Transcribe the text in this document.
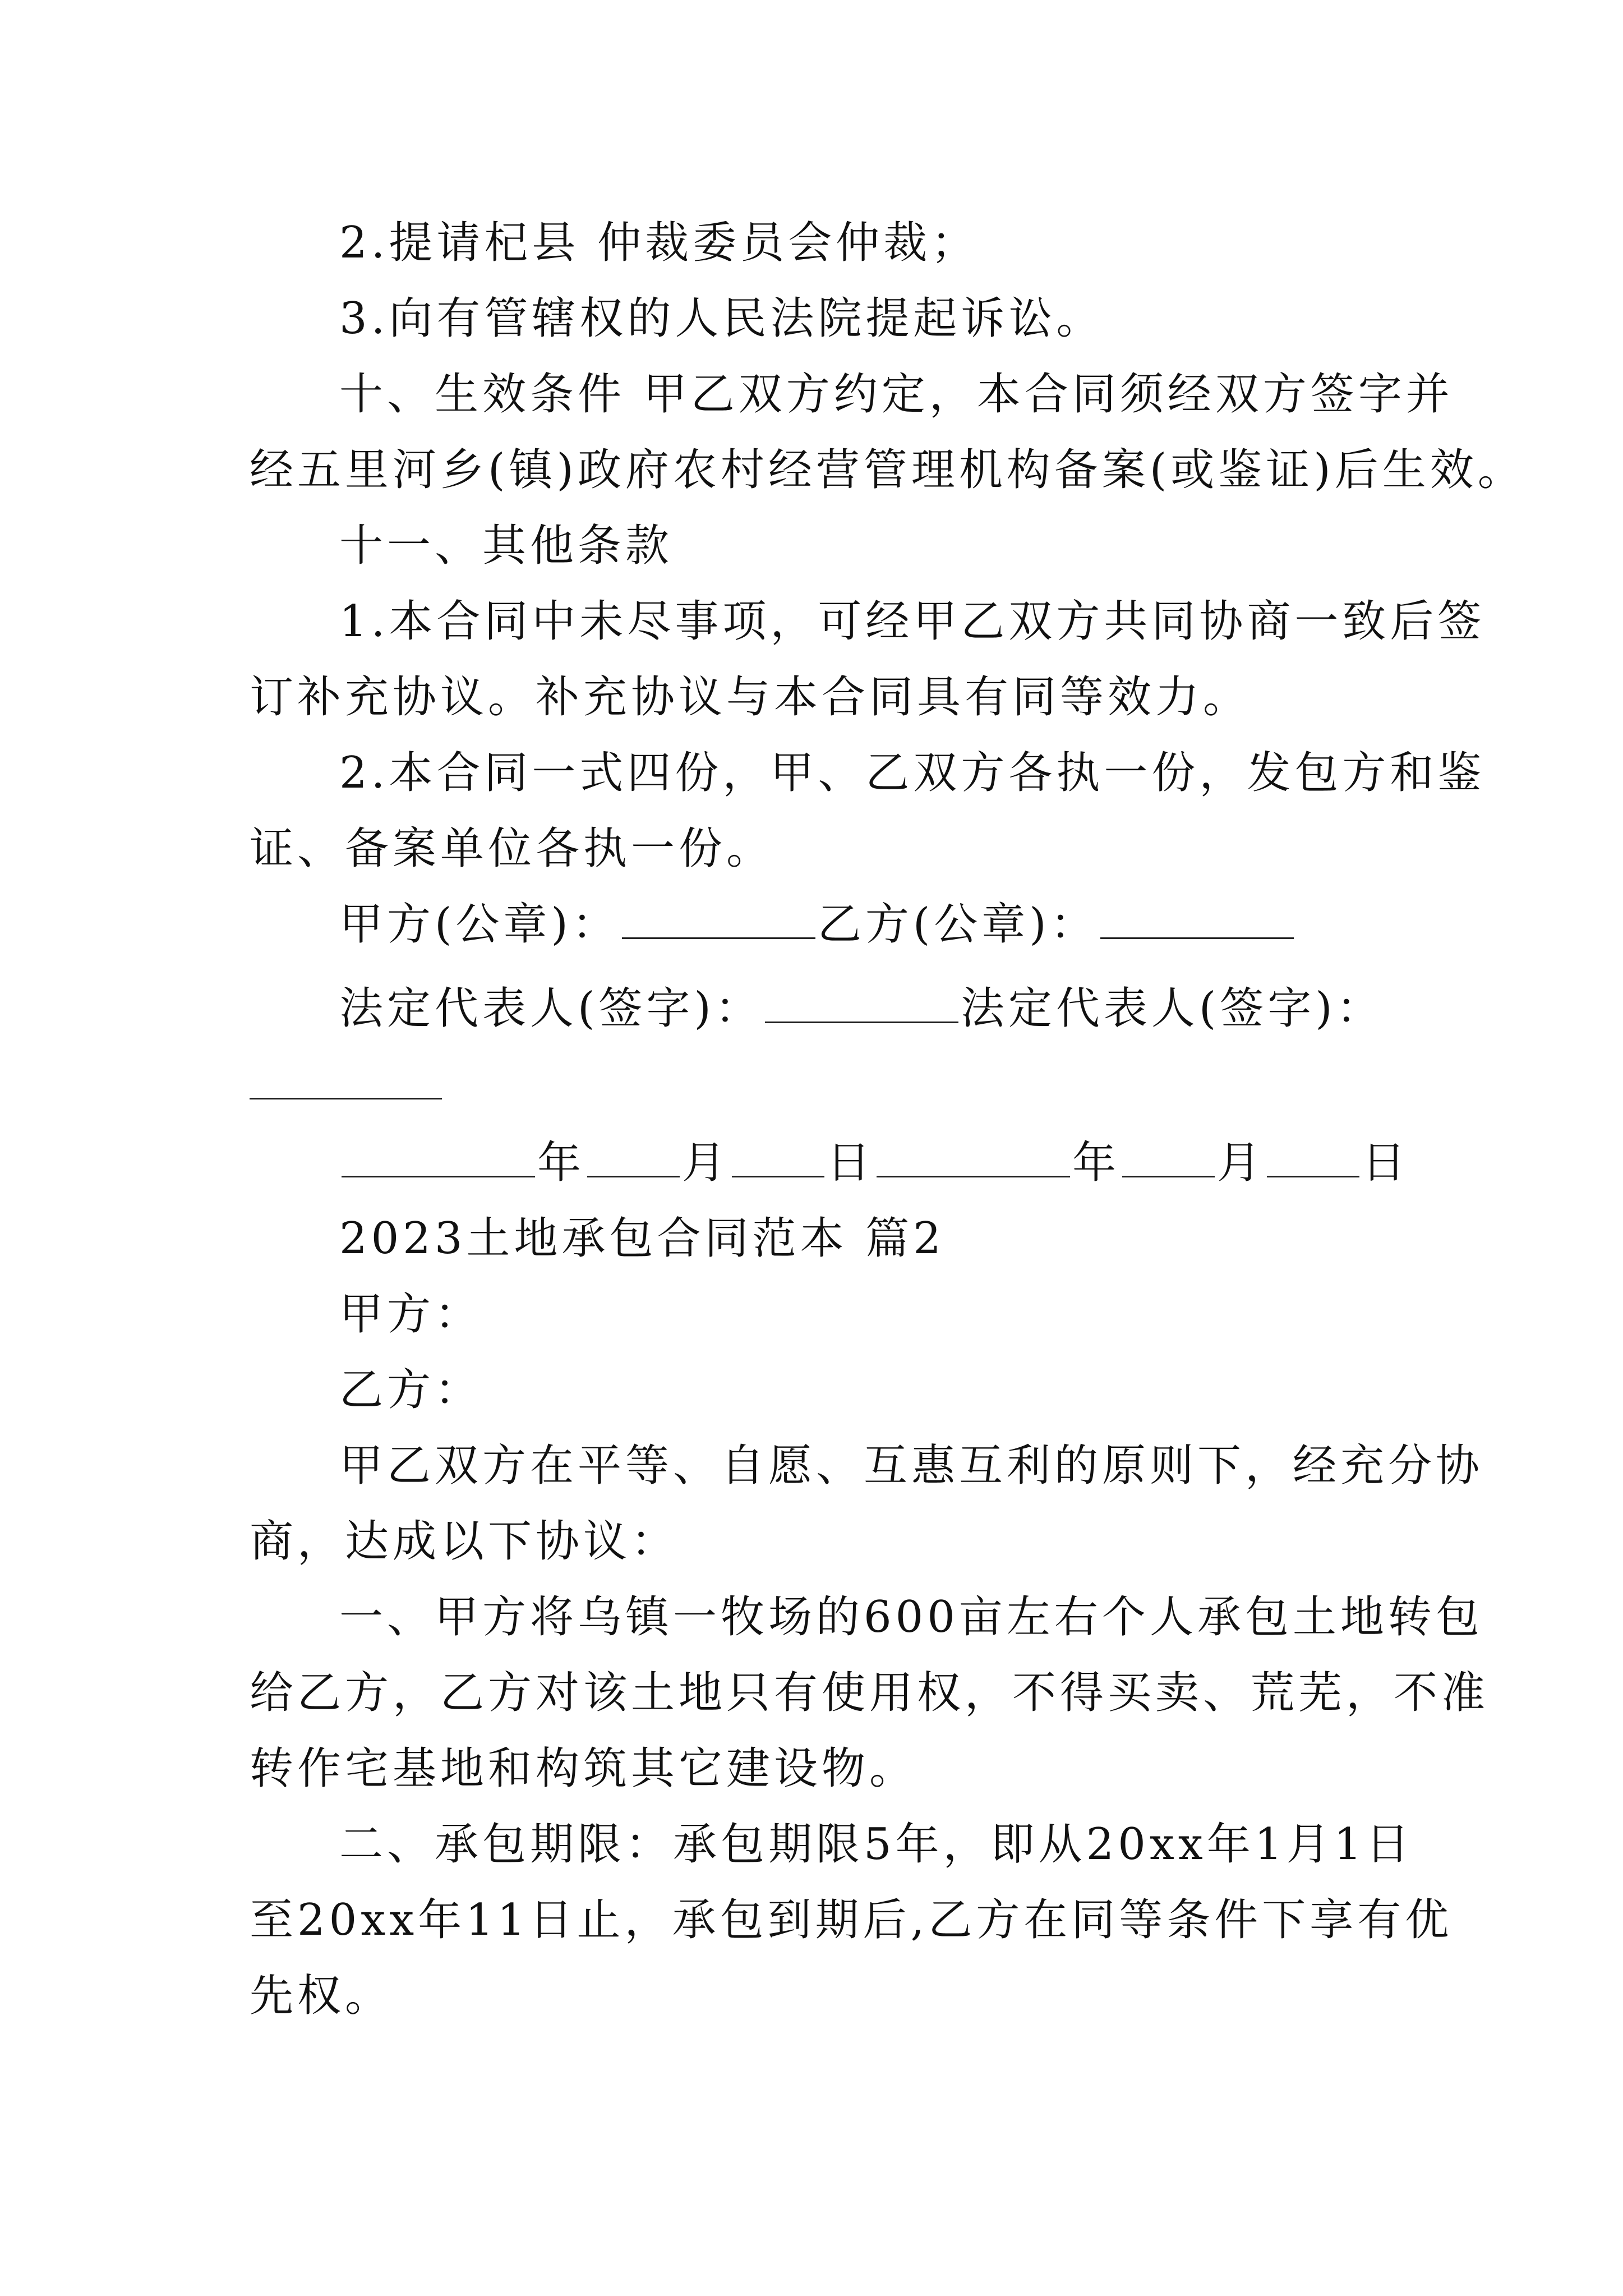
2.提请杞县 仲裁委员会仲裁；
3.向有管辖权的人民法院提起诉讼。
十、生效条件 甲乙双方约定，本合同须经双方签字并
经五里河乡(镇)政府农村经营管理机构备案(或鉴证)后生效。
十一、其他条款
1.本合同中未尽事项，可经甲乙双方共同协商一致后签
订补充协议。补充协议与本合同具有同等效力。
2.本合同一式四份，甲、乙双方各执一份，发包方和鉴
证、备案单位各执一份。
甲方(公章)：	乙方(公章)：
法定代表人(签字)：	法定代表人(签字)：
年 月 日	年 月 日
2023土地承包合同范本 篇2
甲方：
乙方：
甲乙双方在平等、自愿、互惠互利的原则下，经充分协
商，达成以下协议：
一、甲方将乌镇一牧场的600亩左右个人承包土地转包
给乙方，乙方对该土地只有使用权，不得买卖、荒芜，不准
转作宅基地和构筑其它建设物。
二、承包期限：承包期限5年，即从20xx年1月1日
至20xx年11日止，承包到期后,乙方在同等条件下享有优
先权。
